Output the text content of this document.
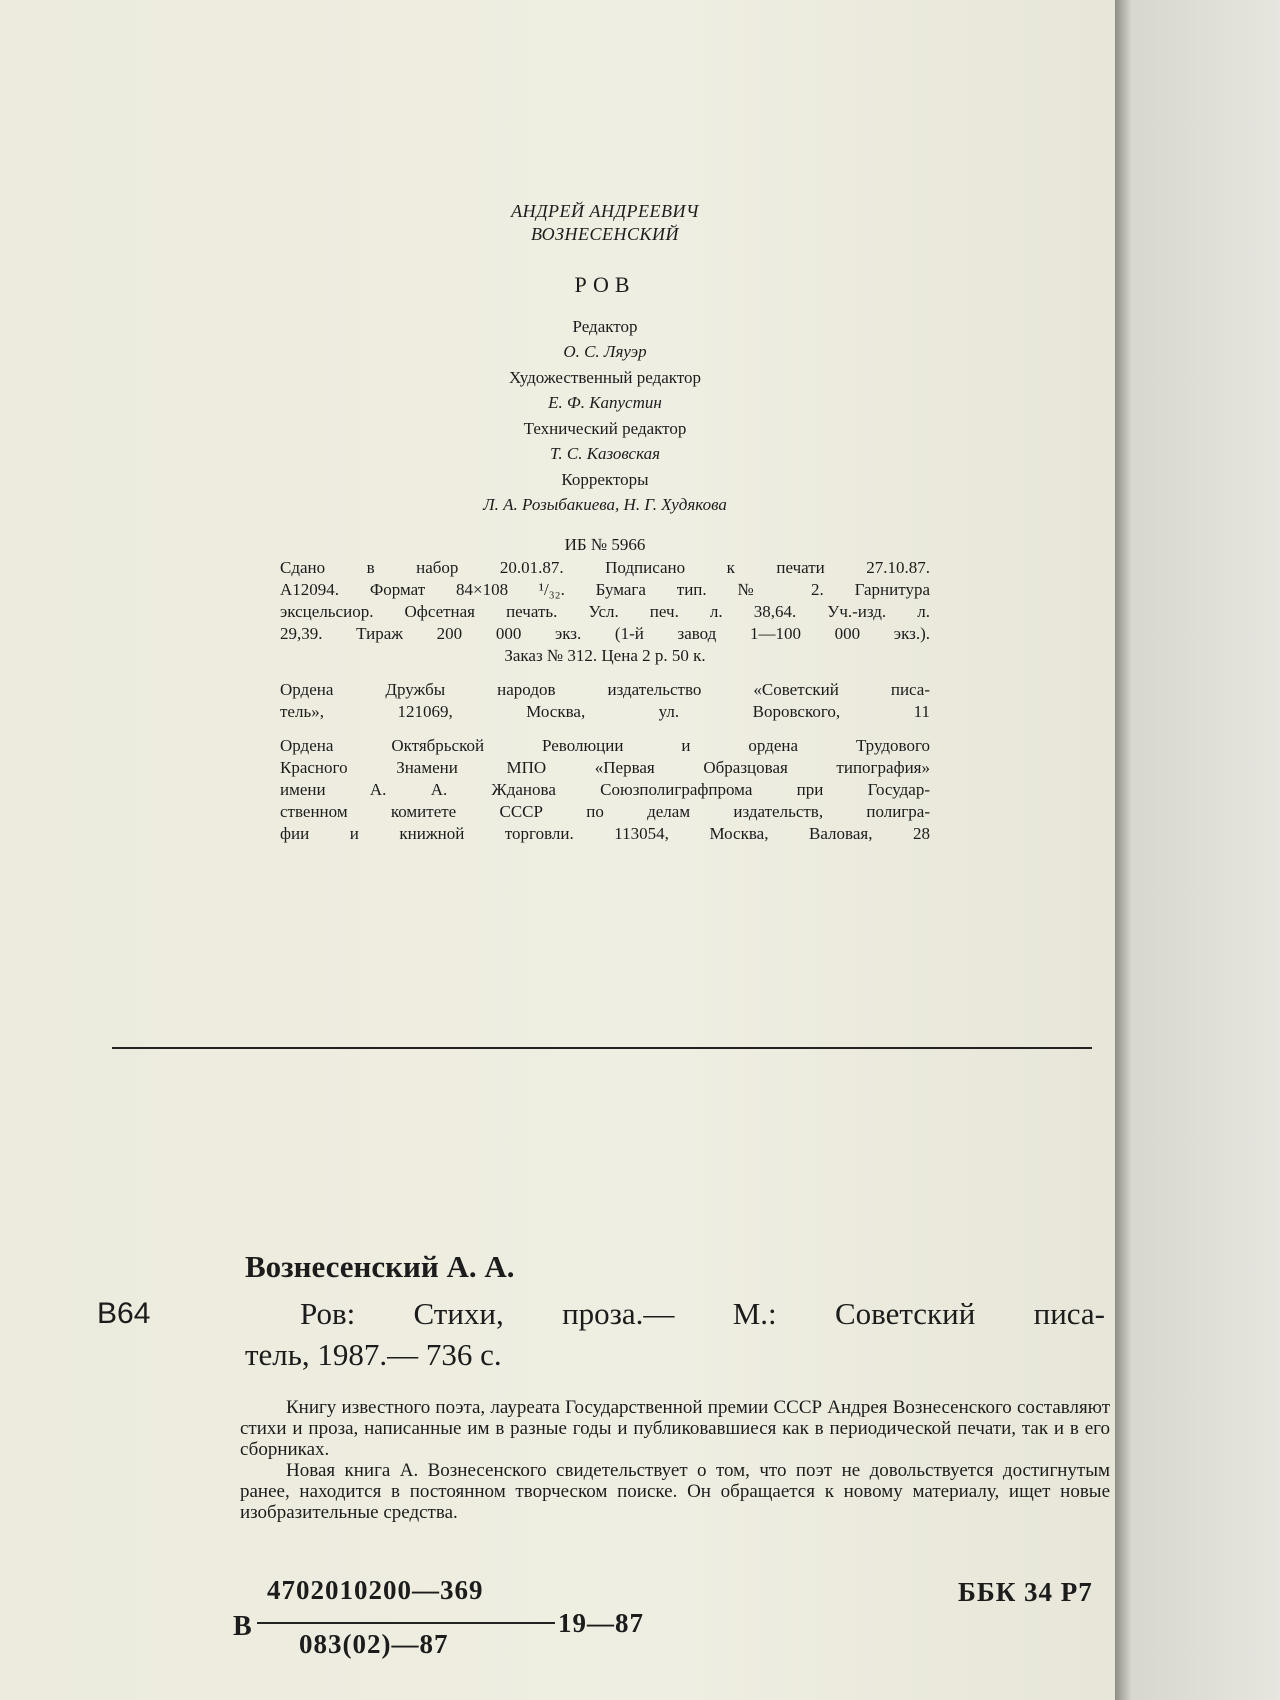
АНДРЕЙ АНДРЕЕВИЧ
ВОЗНЕСЕНСКИЙ
РОВ
Редактор
О. С. Ляуэр
Художественный редактор
Е. Ф. Капустин
Технический редактор
Т. С. Казовская
Корректоры
Л. А. Розыбакиева, Н. Г. Худякова
ИБ № 5966
Сдано в набор 20.01.87. Подписано к печати 27.10.87.
А12094. Формат 84×108 ¹/₃₂. Бумага тип. № 2. Гарнитура
эксцельсиор. Офсетная печать. Усл. печ. л. 38,64. Уч.-изд. л.
29,39. Тираж 200 000 экз. (1-й завод 1—100 000 экз.).
Заказ № 312. Цена 2 р. 50 к.
Ордена Дружбы народов издательство «Советский писа-
тель», 121069, Москва, ул. Воровского, 11
Ордена Октябрьской Революции и ордена Трудового
Красного Знамени МПО «Первая Образцовая типография»
имени А. А. Жданова Союзполиграфпрома при Государ-
ственном комитете СССР по делам издательств, полигра-
фии и книжной торговли. 113054, Москва, Валовая, 28
Вознесенский А. А.
В64	Ров: Стихи, проза.— М.: Советский писа-
тель, 1987.— 736 с.

Книгу известного поэта, лауреата Государственной премии СССР Андрея Вознесенского составляют стихи и проза, написанные им в разные годы и публиковавшиеся как в периодической печати, так и в его сборниках.

Новая книга А. Вознесенского свидетельствует о том, что поэт не довольствуется достигнутым ранее, находится в постоянном творческом поиске. Он обращается к новому материалу, ищет новые изобразительные средства.

В
4702010200—369
083(02)—87
19—87
ББК 34 Р7
